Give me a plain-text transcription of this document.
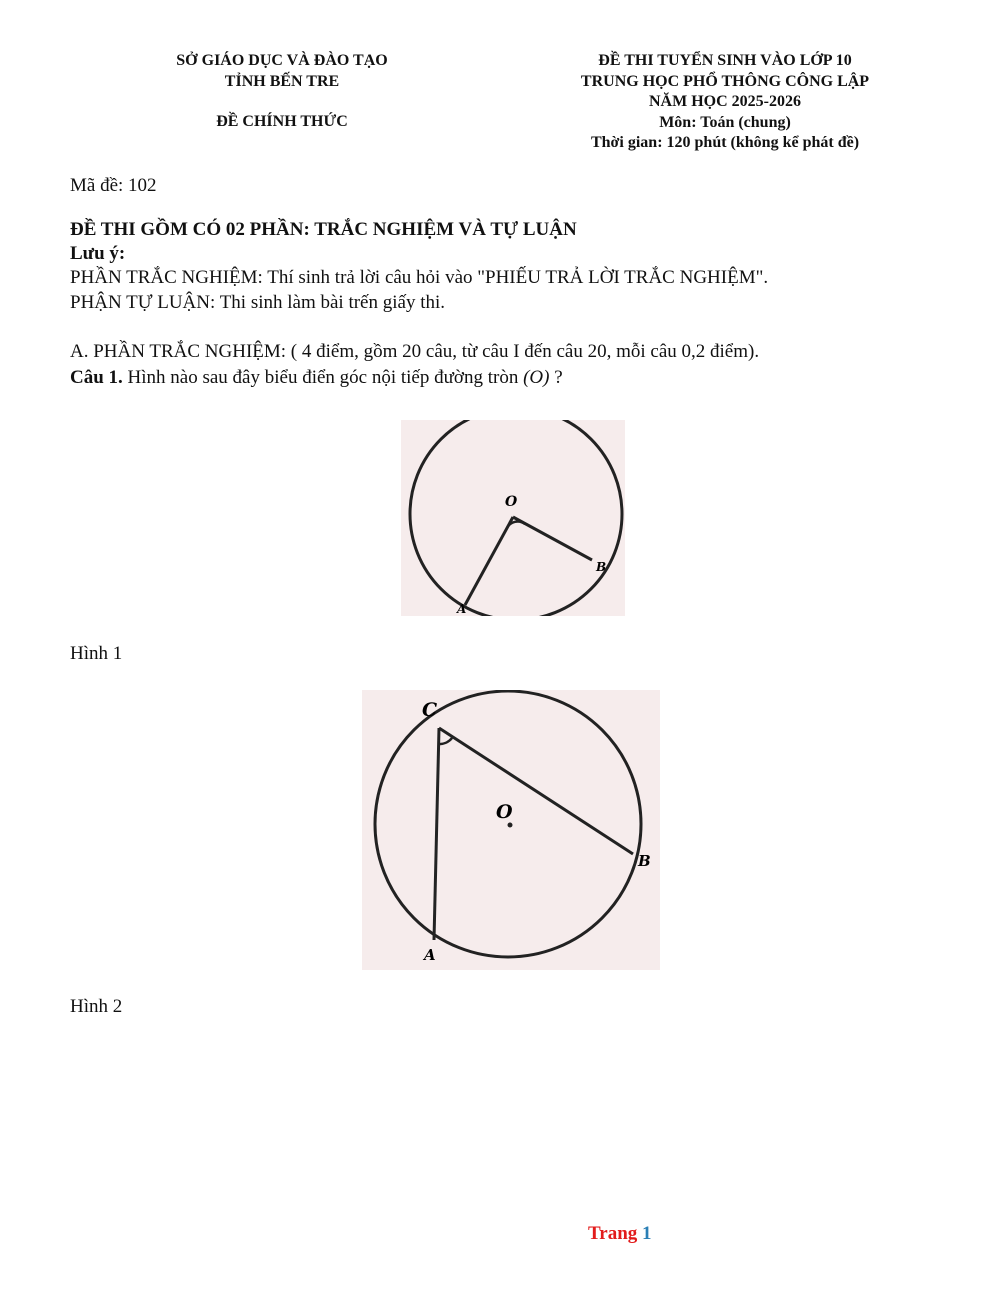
SỞ GIÁO DỤC VÀ ĐÀO TẠO
TỈNH BẾN TRE
ĐỀ CHÍNH THỨC
ĐỀ THI TUYỂN SINH VÀO LỚP 10
TRUNG HỌC PHỔ THÔNG CÔNG LẬP
NĂM HỌC 2025-2026
Môn: Toán (chung)
Thời gian: 120 phút (không kể phát đề)
Mã đề: 102
ĐỀ THI GỒM CÓ 02 PHẦN: TRẮC NGHIỆM VÀ TỰ LUẬN
Lưu ý:
PHẦN TRẮC NGHIỆM: Thí sinh trả lời câu hỏi vào "PHIẾU TRẢ LỜI TRẮC NGHIỆM".
PHẬN TỰ LUẬN: Thi sinh làm bài trến giấy thi.
A. PHẦN TRẮC NGHIỆM: ( 4 điểm, gồm 20 câu, từ câu I đến câu 20, mỗi câu 0,2 điểm).
Câu 1. Hình nào sau đây biểu điển góc nội tiếp đường tròn (O) ?
O
A
B
Hình 1
O
C
A
B
Hình 2
Trang 1
